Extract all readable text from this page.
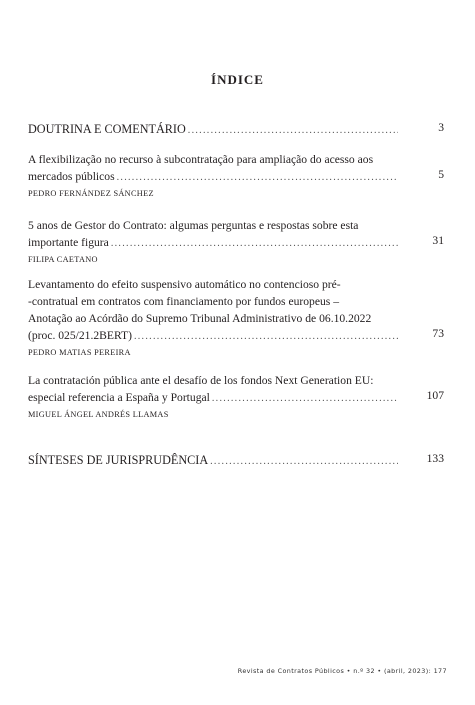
ÍNDICE
DOUTRINA E COMENTÁRIO . . .	3
A flexibilização no recurso à subcontratação para ampliação do acesso aos
mercados públicos
. . .
PEDRO FERNÁNDEZ SÁNCHEZ
5
5 anos de Gestor do Contrato: algumas perguntas e respostas sobre esta
importante figura
. . .
FILIPA CAETANO
31
Levantamento do efeito suspensivo automático no contencioso pré-
-contratual em contratos com financiamento por fundos europeus –
Anotação ao Acórdão do Supremo Tribunal Administrativo de 06.10.2022
(proc. 025/21.2BERT)
. . .
PEDRO MATIAS PEREIRA
73
La contratación pública ante el desafío de los fondos Next Generation EU:
especial referencia a España y Portugal
. . .
MIGUEL ÁNGEL ANDRÉS LLAMAS
107
SÍNTESES DE JURISPRUDÊNCIA . . .	133
Revista de Contratos Públicos • n.º 32 • (abril, 2023): 177
